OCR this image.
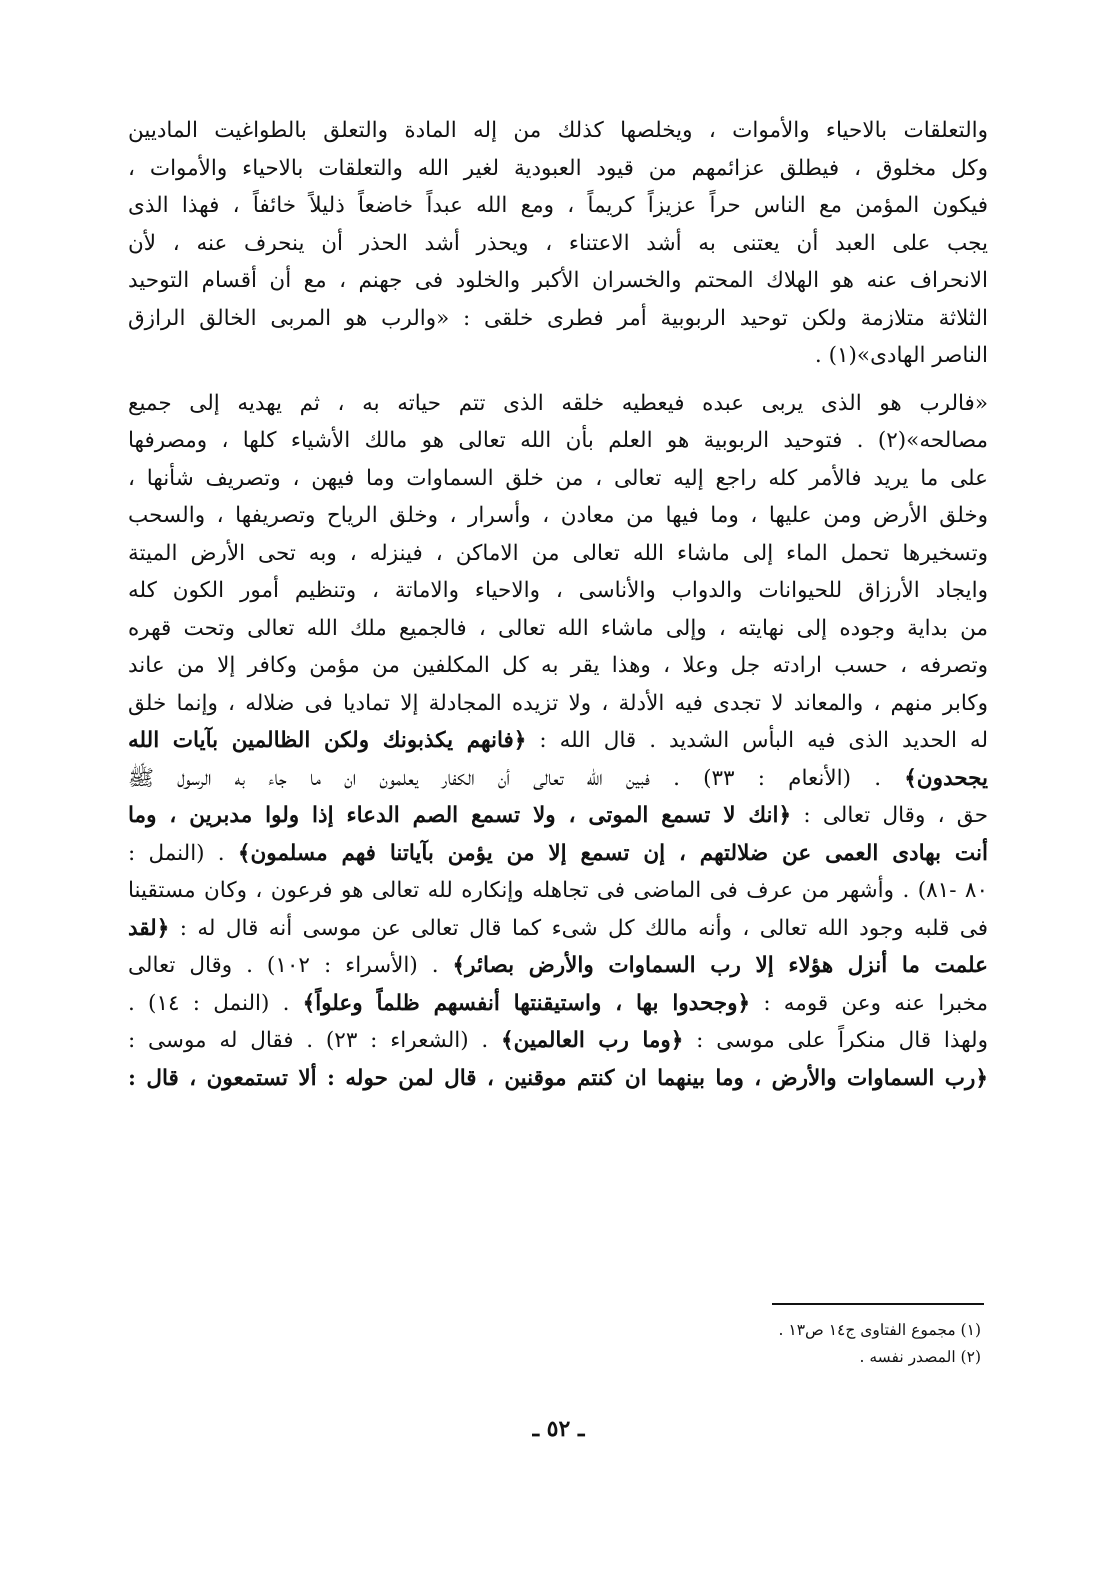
والتعلقات بالاحياء والأموات ، ويخلصها كذلك من إله المادة والتعلق بالطواغيت الماديين
وكل مخلوق ، فيطلق عزائمهم من قيود العبودية لغير الله والتعلقات بالاحياء والأموات ،
فيكون المؤمن مع الناس حراً عزيزاً كريماً ، ومع الله عبداً خاضعاً ذليلاً خائفاً ، فهذا الذى
يجب على العبد أن يعتنى به أشد الاعتناء ، ويحذر أشد الحذر أن ينحرف عنه ، لأن
الانحراف عنه هو الهلاك المحتم والخسران الأكبر والخلود فى جهنم ، مع أن أقسام التوحيد
الثلاثة متلازمة ولكن توحيد الربوبية أمر فطرى خلقى : «والرب هو المربى الخالق الرازق
الناصر الهادى»(١) .
«فالرب هو الذى يربى عبده فيعطيه خلقه الذى تتم حياته به ، ثم يهديه إلى جميع
مصالحه»(٢) . فتوحيد الربوبية هو العلم بأن الله تعالى هو مالك الأشياء كلها ، ومصرفها
على ما يريد فالأمر كله راجع إليه تعالى ، من خلق السماوات وما فيهن ، وتصريف شأنها ،
وخلق الأرض ومن عليها ، وما فيها من معادن ، وأسرار ، وخلق الرياح وتصريفها ، والسحب
وتسخيرها تحمل الماء إلى ماشاء الله تعالى من الاماكن ، فينزله ، وبه تحى الأرض الميتة
وايجاد الأرزاق للحيوانات والدواب والأناسى ، والاحياء والاماتة ، وتنظيم أمور الكون كله
من بداية وجوده إلى نهايته ، وإلى ماشاء الله تعالى ، فالجميع ملك الله تعالى وتحت قهره
وتصرفه ، حسب ارادته جل وعلا ، وهذا يقر به كل المكلفين من مؤمن وكافر إلا من عاند
وكابر منهم ، والمعاند لا تجدى فيه الأدلة ، ولا تزيده المجادلة إلا تماديا فى ضلاله ، وإنما خلق
له الحديد الذى فيه البأس الشديد . قال الله : ﴿فانهم يكذبونك ولكن الظالمين بآيات الله
يجحدون﴾ . (الأنعام : ٣٣) . فبين الله تعالى أن الكفار يعلمون ان ما جاء به الرسول ﷺ
حق ، وقال تعالى : ﴿انك لا تسمع الموتى ، ولا تسمع الصم الدعاء إذا ولوا مدبرين ، وما
أنت بهادى العمى عن ضلالتهم ، إن تسمع إلا من يؤمن بآياتنا فهم مسلمون﴾ . (النمل :
٨٠ -٨١) . وأشهر من عرف فى الماضى فى تجاهله وإنكاره لله تعالى هو فرعون ، وكان مستقينا
فى قلبه وجود الله تعالى ، وأنه مالك كل شىء كما قال تعالى عن موسى أنه قال له : ﴿لقد
علمت ما أنزل هؤلاء إلا رب السماوات والأرض بصائر﴾ . (الأسراء : ١٠٢) . وقال تعالى
مخبرا عنه وعن قومه : ﴿وجحدوا بها ، واستيقنتها أنفسهم ظلماً وعلواً﴾ . (النمل : ١٤) .
ولهذا قال منكراً على موسى : ﴿وما رب العالمين﴾ . (الشعراء : ٢٣) . فقال له موسى :
﴿رب السماوات والأرض ، وما بينهما ان كنتم موقنين ، قال لمن حوله : ألا تستمعون ، قال :
(١) مجموع الفتاوى ج١٤ ص١٣ .
(٢) المصدر نفسه .
ـ ٥٢ ـ
